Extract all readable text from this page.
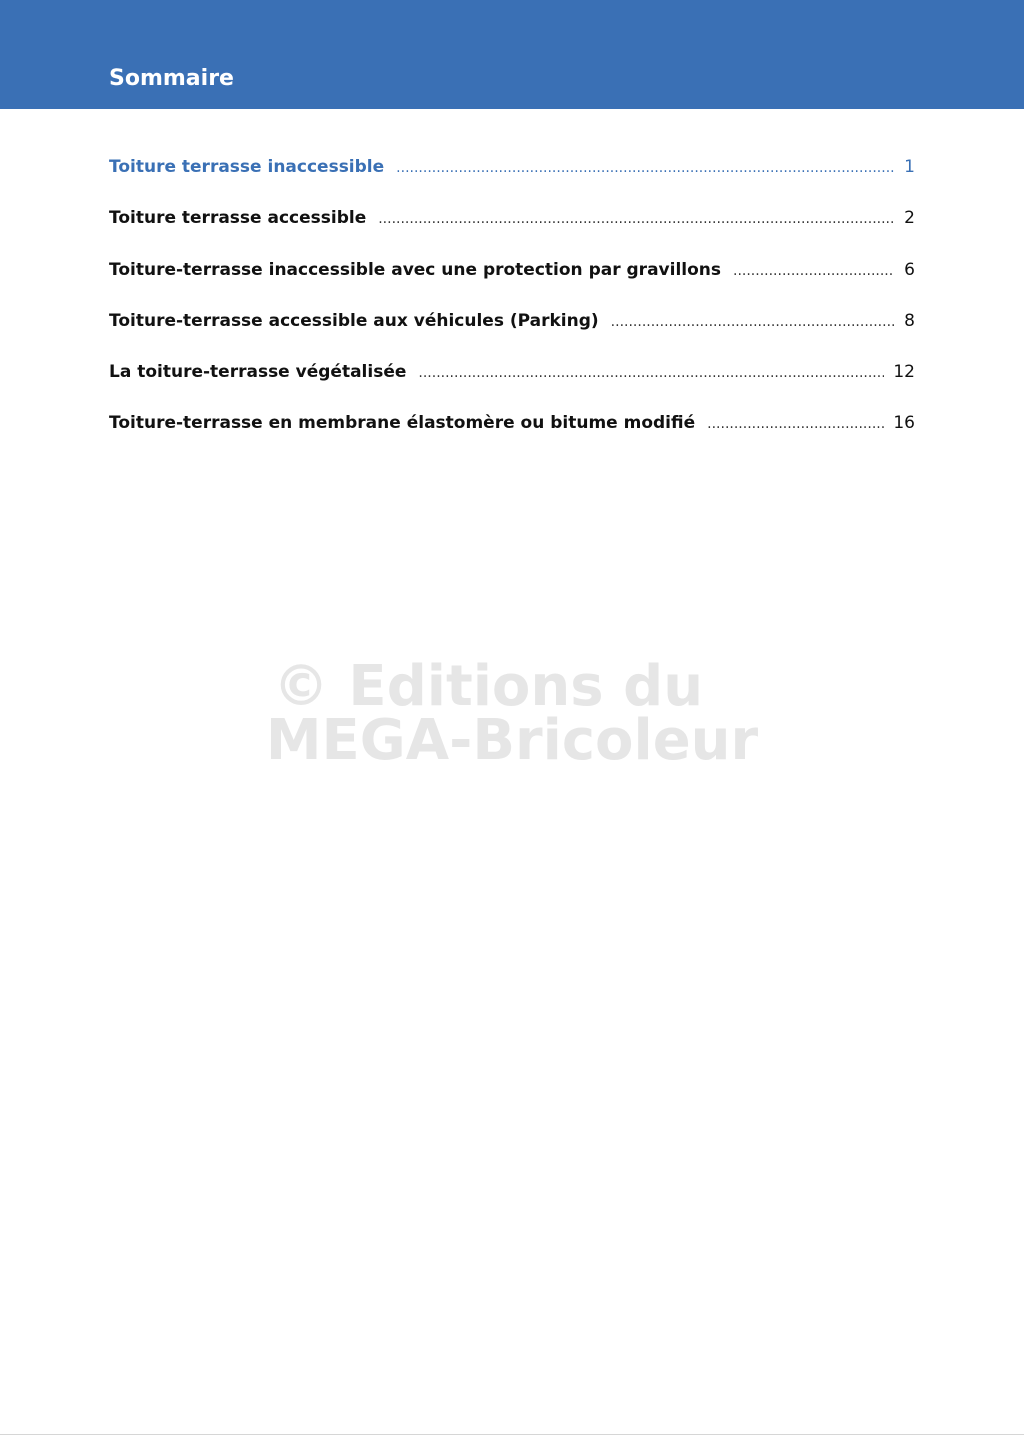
Sommaire
Toiture terrasse inaccessible .....	1
Toiture terrasse accessible .....	2
Toiture-terrasse inaccessible avec une protection par gravillons .....	6
Toiture-terrasse accessible aux véhicules (Parking) .....	8
La toiture-terrasse végétalisée .....	12
Toiture-terrasse en membrane élastomère ou bitume modifié .....	16
© Editions du
MEGA-Bricoleur
